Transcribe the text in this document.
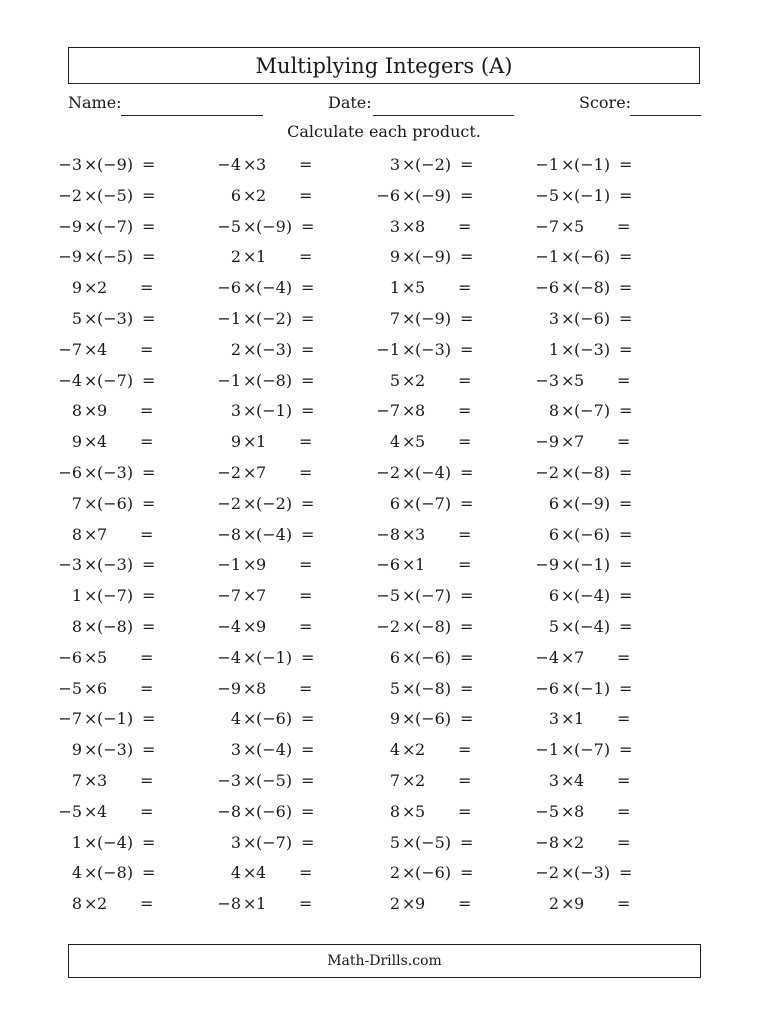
Multiplying Integers (A)
Name:	Date:	Score:
Calculate each product.
−3 × (−9) =
−2 × (−5) =
−9 × (−7) =
−9 × (−5) =
9 × 2 =
5 × (−3) =
−7 × 4 =
−4 × (−7) =
8 × 9 =
9 × 4 =
−6 × (−3) =
7 × (−6) =
8 × 7 =
−3 × (−3) =
1 × (−7) =
8 × (−8) =
−6 × 5 =
−5 × 6 =
−7 × (−1) =
9 × (−3) =
7 × 3 =
−5 × 4 =
1 × (−4) =
4 × (−8) =
8 × 2 =
−4 × 3 =
6 × 2 =
−5 × (−9) =
2 × 1 =
−6 × (−4) =
−1 × (−2) =
2 × (−3) =
−1 × (−8) =
3 × (−1) =
9 × 1 =
−2 × 7 =
−2 × (−2) =
−8 × (−4) =
−1 × 9 =
−7 × 7 =
−4 × 9 =
−4 × (−1) =
−9 × 8 =
4 × (−6) =
3 × (−4) =
−3 × (−5) =
−8 × (−6) =
3 × (−7) =
4 × 4 =
−8 × 1 =
3 × (−2) =
−6 × (−9) =
3 × 8 =
9 × (−9) =
1 × 5 =
7 × (−9) =
−1 × (−3) =
5 × 2 =
−7 × 8 =
4 × 5 =
−2 × (−4) =
6 × (−7) =
−8 × 3 =
−6 × 1 =
−5 × (−7) =
−2 × (−8) =
6 × (−6) =
5 × (−8) =
9 × (−6) =
4 × 2 =
7 × 2 =
8 × 5 =
5 × (−5) =
2 × (−6) =
2 × 9 =
−1 × (−1) =
−5 × (−1) =
−7 × 5 =
−1 × (−6) =
−6 × (−8) =
3 × (−6) =
1 × (−3) =
−3 × 5 =
8 × (−7) =
−9 × 7 =
−2 × (−8) =
6 × (−9) =
6 × (−6) =
−9 × (−1) =
6 × (−4) =
5 × (−4) =
−4 × 7 =
−6 × (−1) =
3 × 1 =
−1 × (−7) =
3 × 4 =
−5 × 8 =
−8 × 2 =
−2 × (−3) =
2 × 9 =
Math-Drills.com
